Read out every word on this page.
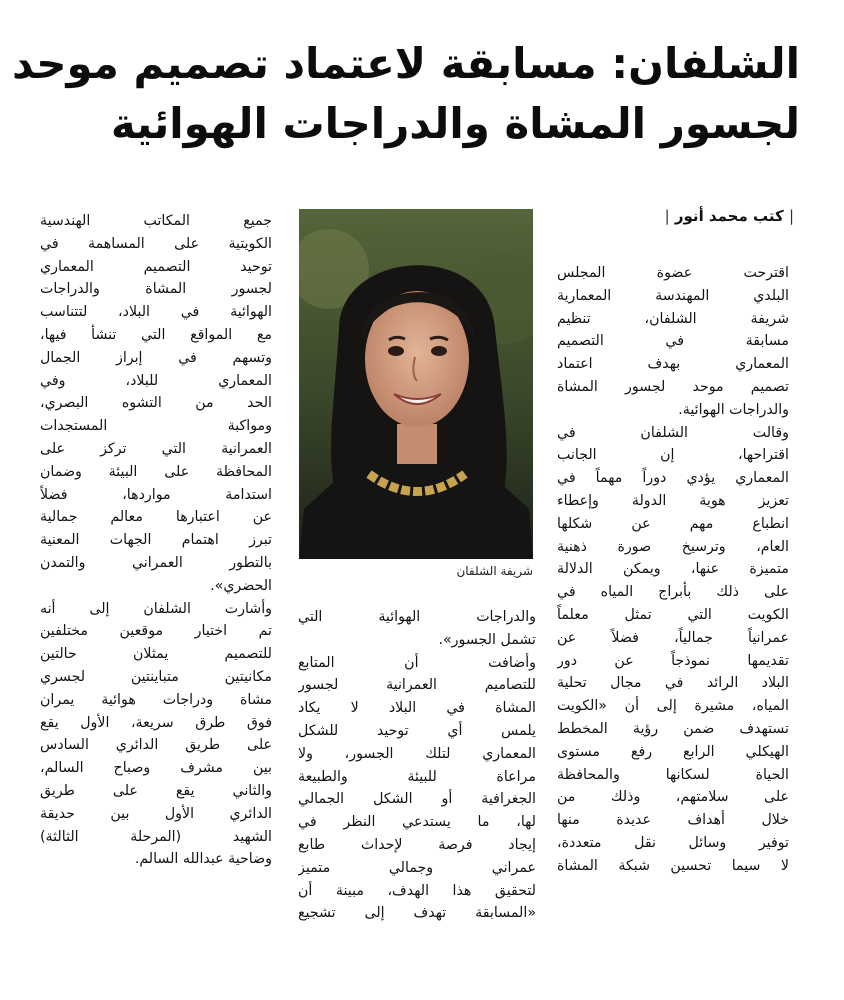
الشلفان: مسابقة لاعتماد تصميم موحد
لجسور المشاة والدراجات الهوائية
| كتب محمد أنور |
شريفة الشلفان
اقترحت عضوة المجلس
البلدي المهندسة المعمارية
شريفة الشلفان، تنظيم
مسابقة في التصميم
المعماري بهدف اعتماد
تصميم موحد لجسور المشاة
والدراجات الهوائية.
وقالت الشلفان في
اقتراحها، إن الجانب
المعماري يؤدي دوراً مهماً في
تعزيز هوية الدولة وإعطاء
انطباع مهم عن شكلها
العام، وترسيخ صورة ذهنية
متميزة عنها، ويمكن الدلالة
على ذلك بأبراج المياه في
الكويت التي تمثل معلماً
عمرانياً جمالياً، فضلاً عن
تقديمها نموذجاً عن دور
البلاد الرائد في مجال تحلية
المياه، مشيرة إلى أن «الكويت
تستهدف ضمن رؤية المخطط
الهيكلي الرابع رفع مستوى
الحياة لسكانها والمحافظة
على سلامتهم، وذلك من
خلال أهداف عديدة منها
توفير وسائل نقل متعددة،
لا سيما تحسين شبكة المشاة
والدراجات الهوائية التي
تشمل الجسور».
وأضافت أن المتابع
للتصاميم العمرانية لجسور
المشاة في البلاد لا يكاد
يلمس أي توحيد للشكل
المعماري لتلك الجسور، ولا
مراعاة للبيئة والطبيعة
الجغرافية أو الشكل الجمالي
لها، ما يستدعي النظر في
إيجاد فرصة لإحداث طابع
عمراني وجمالي متميز
لتحقيق هذا الهدف، مبينة أن
«المسابقة تهدف إلى تشجيع
جميع المكاتب الهندسية
الكويتية على المساهمة في
توحيد التصميم المعماري
لجسور المشاة والدراجات
الهوائية في البلاد، لتتناسب
مع المواقع التي تنشأ فيها،
وتسهم في إبراز الجمال
المعماري للبلاد، وفي
الحد من التشوه البصري،
ومواكبة المستجدات
العمرانية التي تركز على
المحافظة على البيئة وضمان
استدامة مواردها، فضلاً
عن اعتبارها معالم جمالية
تبرز اهتمام الجهات المعنية
بالتطور العمراني والتمدن
الحضري».
وأشارت الشلفان إلى أنه
تم اختيار موقعين مختلفين
للتصميم يمثلان حالتين
مكانيتين متباينتين لجسري
مشاة ودراجات هوائية يمران
فوق طرق سريعة، الأول يقع
على طريق الدائري السادس
بين مشرف وصباح السالم،
والثاني يقع على طريق
الدائري الأول بين حديقة
الشهيد (المرحلة الثالثة)
وضاحية عبدالله السالم.
